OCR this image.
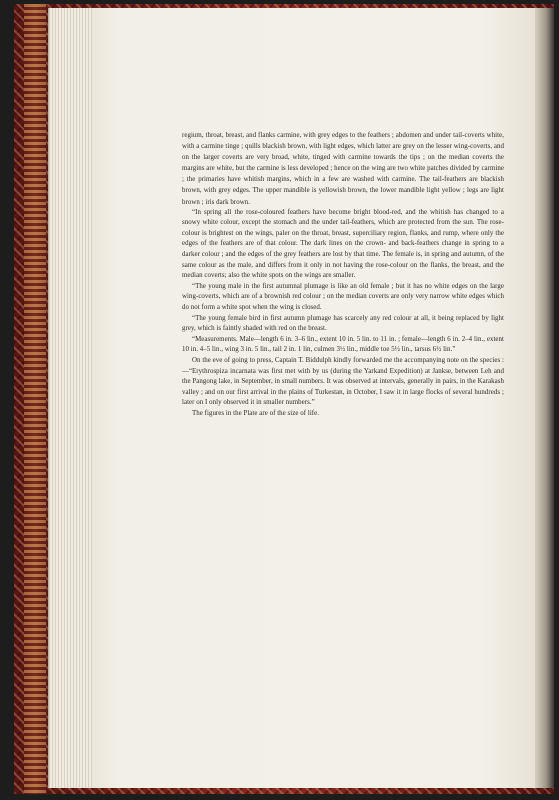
regium, throat, breast, and flanks carmine, with grey edges to the feathers ; abdomen and under tail-coverts white, with a carmine tinge ; quills blackish brown, with light edges, which latter are grey on the lesser wing-coverts, and on the larger coverts are very broad, white, tinged with carmine towards the tips ; on the median coverts the margins are white, but the carmine is less developed ; hence on the wing are two white patches divided by carmine ; the primaries have whitish margins, which in a few are washed with carmine. The tail-feathers are blackish brown, with grey edges. The upper mandible is yellowish brown, the lower mandible light yellow ; legs are light brown ; iris dark brown.

“In spring all the rose-coloured feathers have become bright blood-red, and the whitish has changed to a snowy white colour, except the stomach and the under tail-feathers, which are protected from the sun. The rose-colour is brightest on the wings, paler on the throat, breast, superciliary region, flanks, and rump, where only the edges of the feathers are of that colour. The dark lines on the crown- and back-feathers change in spring to a darker colour ; and the edges of the grey feathers are lost by that time. The female is, in spring and autumn, of the same colour as the male, and differs from it only in not having the rose-colour on the flanks, the breast, and the median coverts; also the white spots on the wings are smaller.

“The young male in the first autumnal plumage is like an old female ; but it has no white edges on the large wing-coverts, which are of a brownish red colour ; on the median coverts are only very narrow white edges which do not form a white spot when the wing is closed.

“The young female bird in first autumn plumage has scarcely any red colour at all, it being replaced by light grey, which is faintly shaded with red on the breast.

“Measurements. Male—length 6 in. 3–6 lin., extent 10 in. 5 lin. to 11 in. ; female—length 6 in. 2–4 lin., extent 10 in. 4–5 lin., wing 3 in. 5 lin., tail 2 in. 1 lin, culmen 3½ lin., middle toe 5½ lin., tarsus 6½ lin.”

On the eve of going to press, Captain T. Biddulph kindly forwarded me the accompanying note on the species :—“Erythrospiza incarnata was first met with by us (during the Yarkand Expedition) at Jankse, between Leh and the Pangong lake, in September, in small numbers. It was observed at intervals, generally in pairs, in the Karakash valley ; and on our first arrival in the plains of Turkestan, in October, I saw it in large flocks of several hundreds ; later on I only observed it in smaller numbers.”

The figures in the Plate are of the size of life.
